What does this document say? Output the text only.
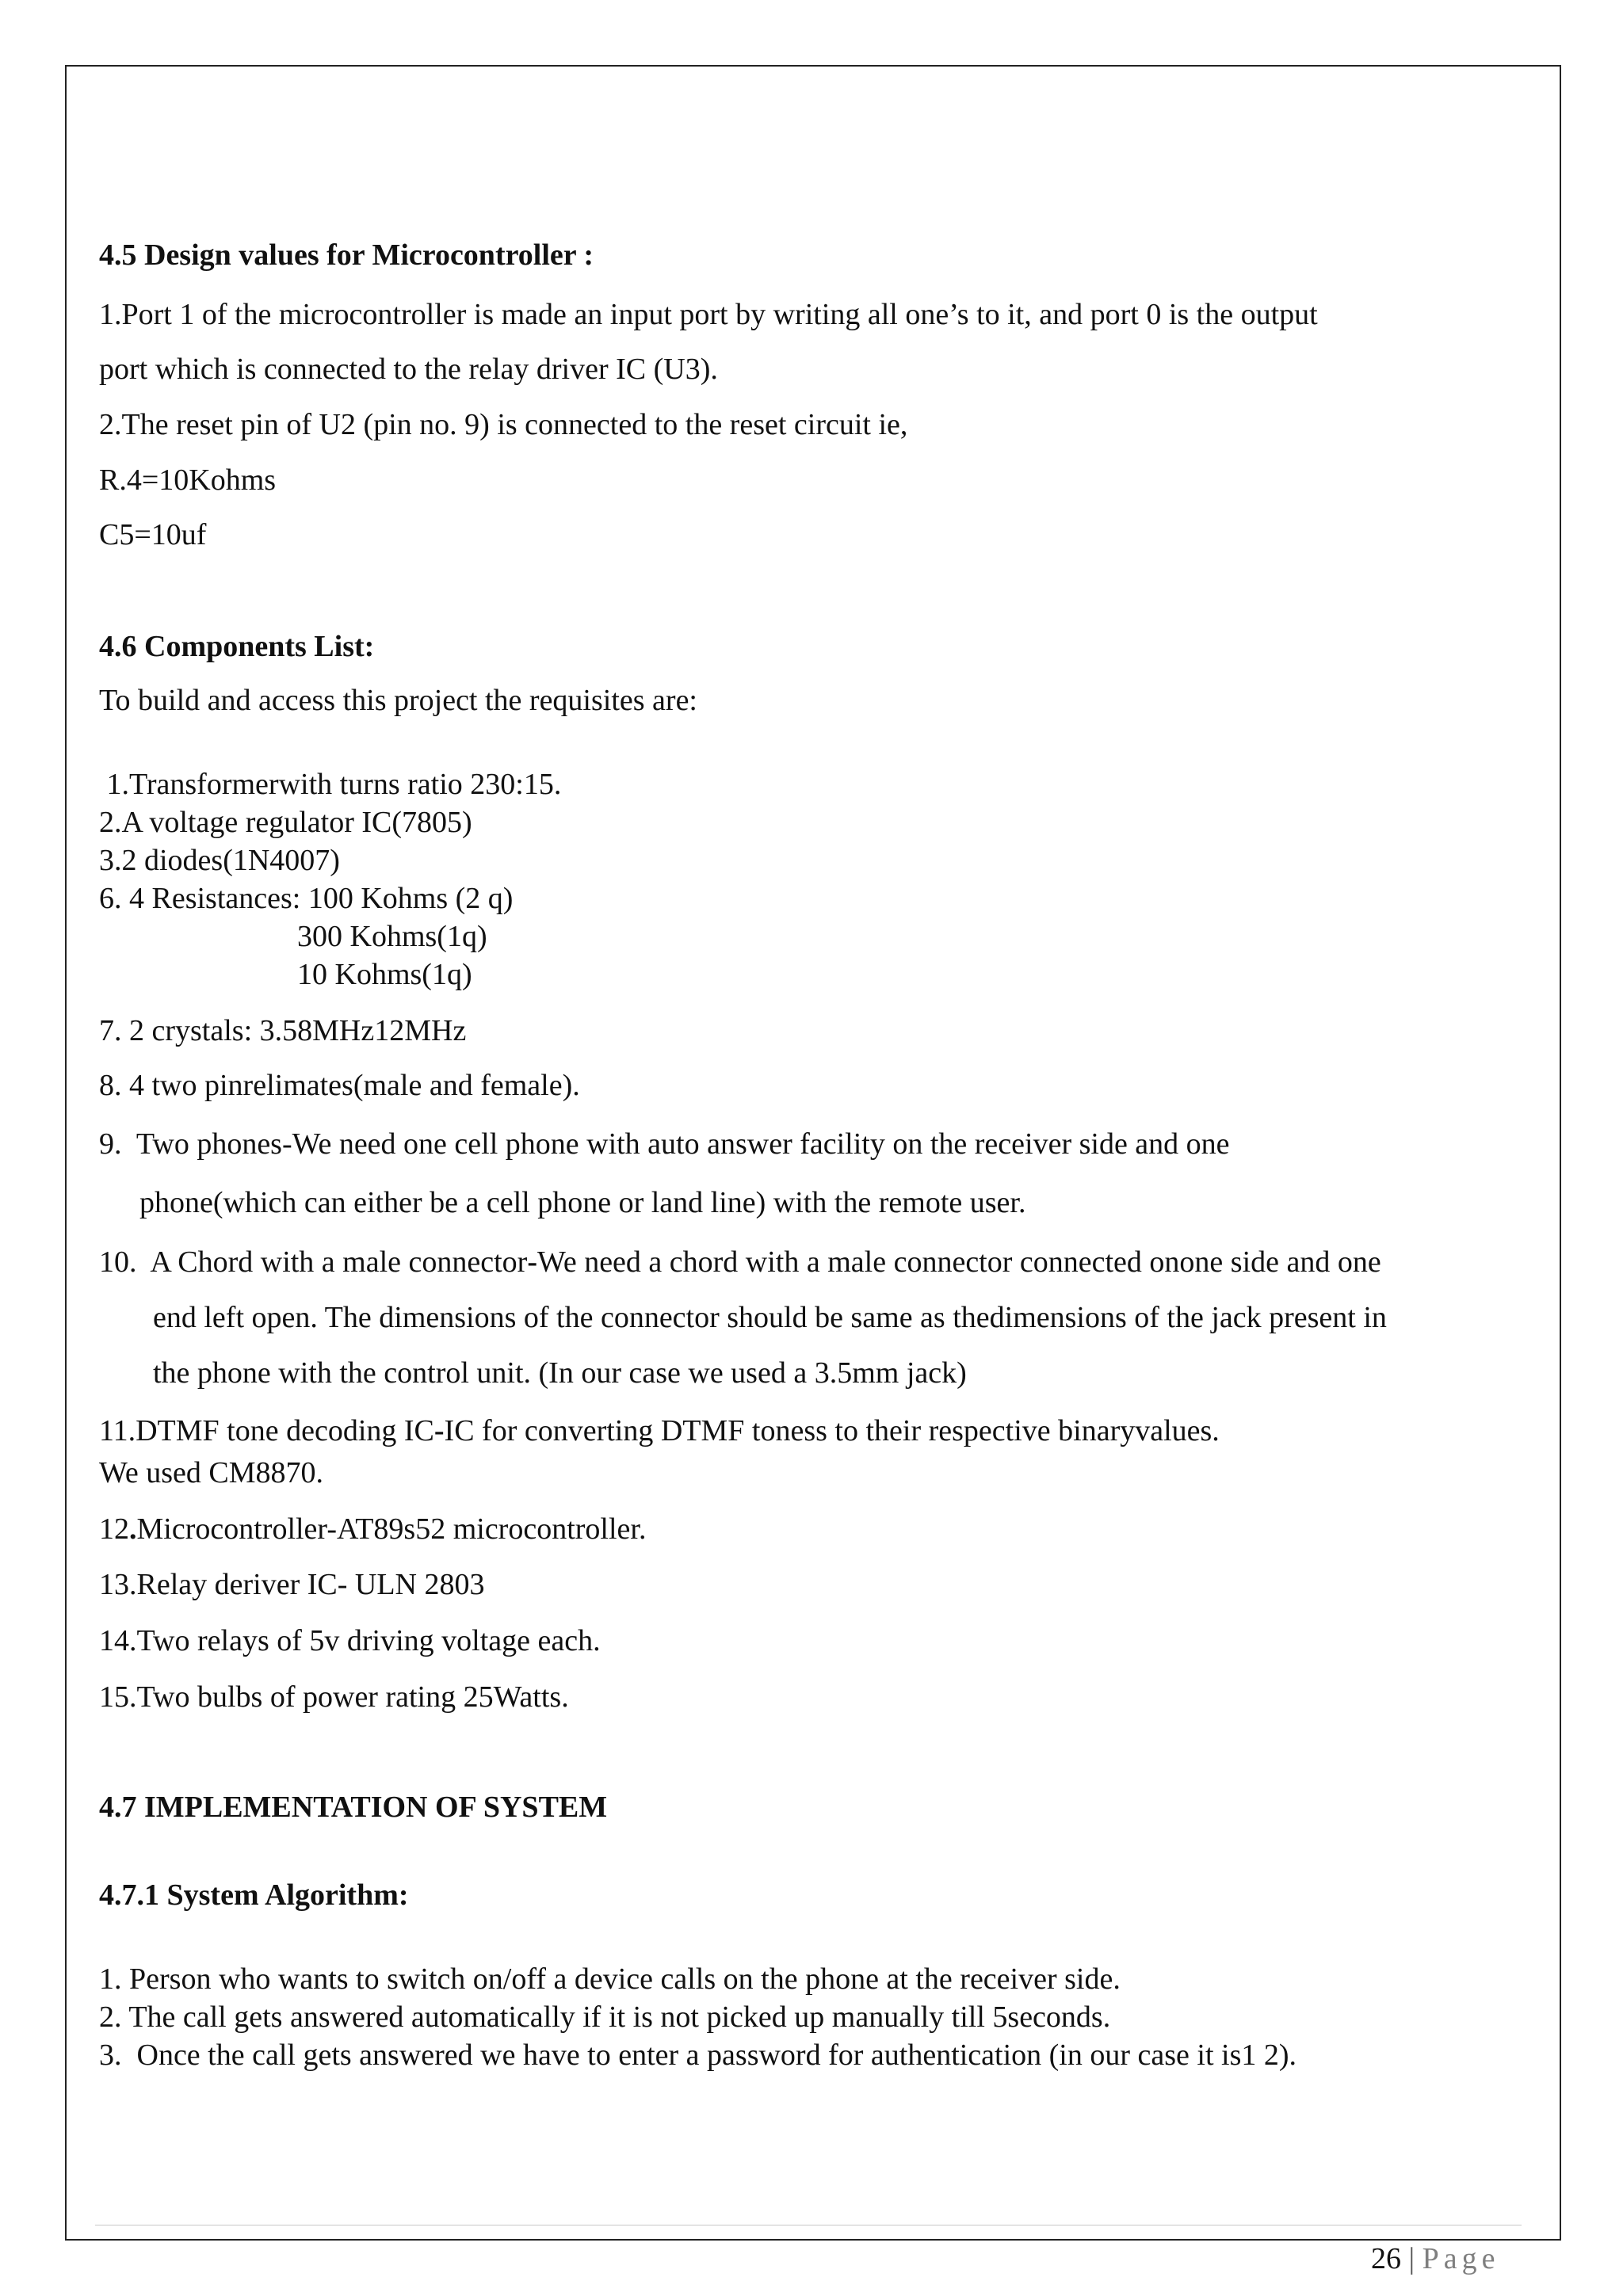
4.5 Design values for Microcontroller :

1.Port 1 of the microcontroller is made an input port by writing all one’s to it, and port 0 is the output

port which is connected to the relay driver IC (U3).

2.The reset pin of U2 (pin no. 9) is connected to the reset circuit ie,

R.4=10Kohms

C5=10uf

4.6 Components List:

To build and access this project the requisites are:

1.Transformerwith turns ratio 230:15.

2.A voltage regulator IC(7805)

3.2 diodes(1N4007)

6. 4 Resistances: 100 Kohms (2 q)

300 Kohms(1q)

10 Kohms(1q)

7. 2 crystals: 3.58MHz12MHz

8. 4 two pinrelimates(male and female).

9.  Two phones-We need one cell phone with auto answer facility on the receiver side and one

phone(which can either be a cell phone or land line) with the remote user.

10.  A Chord with a male connector-We need a chord with a male connector connected onone side and one

end left open. The dimensions of the connector should be same as thedimensions of the jack present in

the phone with the control unit. (In our case we used a 3.5mm jack)

11.DTMF tone decoding IC-IC for converting DTMF toness to their respective binaryvalues.

We used CM8870.

12.Microcontroller-AT89s52 microcontroller.

13.Relay deriver IC- ULN 2803

14.Two relays of 5v driving voltage each.

15.Two bulbs of power rating 25Watts.

4.7 IMPLEMENTATION OF SYSTEM

4.7.1 System Algorithm:

1. Person who wants to switch on/off a device calls on the phone at the receiver side.

2. The call gets answered automatically if it is not picked up manually till 5seconds.

3.  Once the call gets answered we have to enter a password for authentication (in our case it is1 2).

26 | Page
